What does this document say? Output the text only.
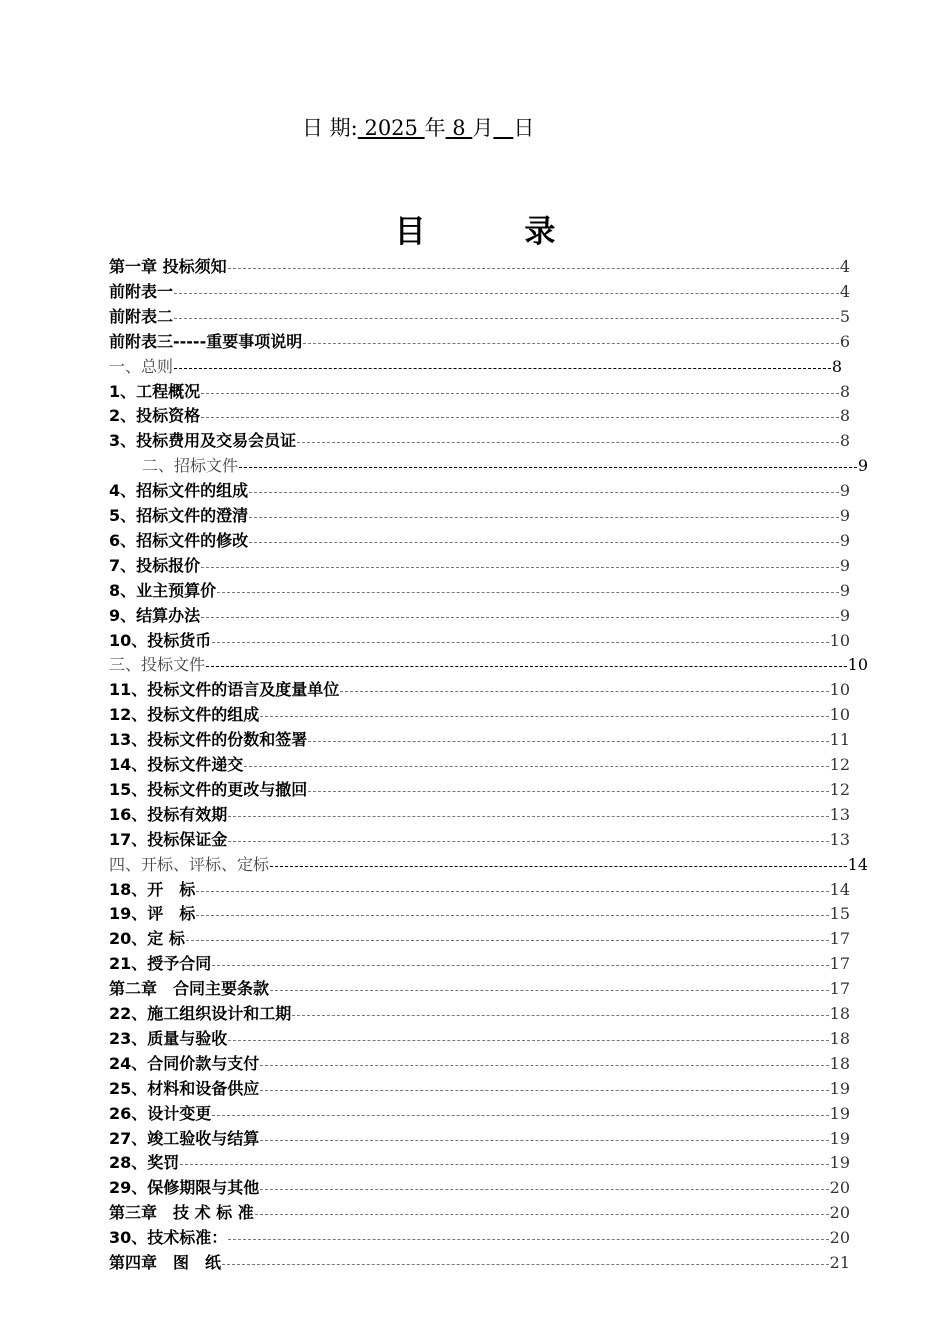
日 期: 2025 年 8 月 日
目 录
第一章 投标须知	4
前附表一	4
前附表二	5
前附表三-----重要事项说明	6
一、总则	8
1、工程概况	8
2、投标资格	8
3、投标费用及交易会员证	8
二、招标文件	9
4、招标文件的组成	9
5、招标文件的澄清	9
6、招标文件的修改	9
7、投标报价	9
8、业主预算价	9
9、结算办法	9
10、投标货币	10
三、投标文件	10
11、投标文件的语言及度量单位	10
12、投标文件的组成	10
13、投标文件的份数和签署	11
14、投标文件递交	12
15、投标文件的更改与撤回	12
16、投标有效期	13
17、投标保证金	13
四、开标、评标、定标	14
18、开　标	14
19、评　标	15
20、定 标	17
21、授予合同	17
第二章　合同主要条款	17
22、施工组织设计和工期	18
23、质量与验收	18
24、合同价款与支付	18
25、材料和设备供应	19
26、设计变更	19
27、竣工验收与结算	19
28、奖罚	19
29、保修期限与其他	20
第三章　技 术 标 准	20
30、技术标准：	20
第四章　图　纸	21
